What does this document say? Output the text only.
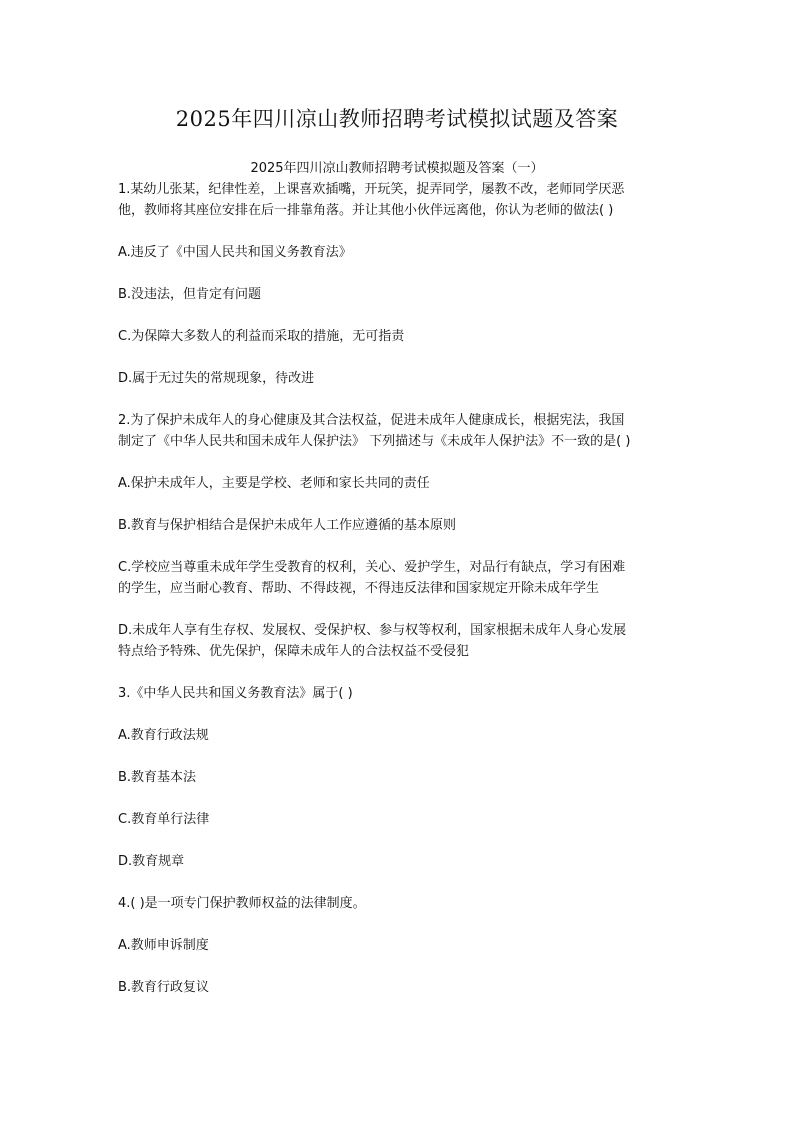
2025年四川凉山教师招聘考试模拟试题及答案

2025年四川凉山教师招聘考试模拟题及答案（一）

1.某幼儿张某，纪律性差，上课喜欢插嘴，开玩笑，捉弄同学，屡教不改，老师同学厌恶

他，教师将其座位安排在后一排靠角落。并让其他小伙伴远离他，你认为老师的做法( )

A.违反了《中国人民共和国义务教育法》

B.没违法，但肯定有问题

C.为保障大多数人的利益而采取的措施，无可指责

D.属于无过失的常规现象，待改进

2.为了保护未成年人的身心健康及其合法权益，促进未成年人健康成长，根据宪法，我国

制定了《中华人民共和国未成年人保护法》 下列描述与《未成年人保护法》不一致的是( )

A.保护未成年人，主要是学校、老师和家长共同的责任

B.教育与保护相结合是保护未成年人工作应遵循的基本原则

C.学校应当尊重未成年学生受教育的权利，关心、爱护学生，对品行有缺点，学习有困难

的学生，应当耐心教育、帮助、不得歧视，不得违反法律和国家规定开除未成年学生

D.未成年人享有生存权、发展权、受保护权、参与权等权利，国家根据未成年人身心发展

特点给予特殊、优先保护，保障未成年人的合法权益不受侵犯

3.《中华人民共和国义务教育法》属于( )

A.教育行政法规

B.教育基本法

C.教育单行法律

D.教育规章

4.( )是一项专门保护教师权益的法律制度。

A.教师申诉制度

B.教育行政复议
